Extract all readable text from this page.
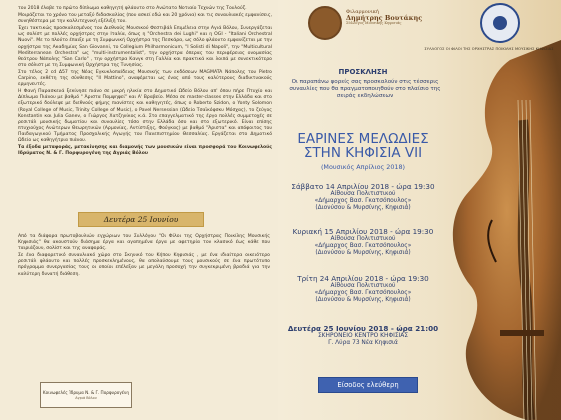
του 2018 έλαβε το πρώτο δίπλωμα καθηγητή φλάουτο στο Ανώτατο Νοτιαίο Τεχνών της Τουλούζ.

Μοιράζεται το χρόνο του μεταξύ διδασκαλίας (που ασκεί εδώ και 20 χρόνια) και τις συναυλιακές εμφανίσεις, συνηθέστερα με την καλλιτεχνική εξέλιξή του.

Έχει τακτικώς προσκαλεσμένος του Διεθνούς Μουσικού Φεστιβάλ Επιμέλεια στην Αγιά Βόλου, Συνεργάζεται ως σολίστ με πολλές ορχήστρες στην Ιταλία, όπως η "Orchestra dei Lughi" και η OGI - "Italiani Orchestral Nuovi". Με το πλούτο έπαιξε με τη Συμφωνική Ορχήστρα της Πεσκάρα, ως σόλο φλάουτο εμφανίζεται με την ορχήστρα της Ακαδημίας San Giovanni, το Collegium Philharmonicum, "I Solisti di Napoli", την "Multicultural Mediterranean Orchestra" ως "multi-instrumentalist", την ορχήστρα όπερας του περιφέρειας ονομασίας θεάτρου Νάπολης "San Carlo" , την ορχήστρα Κανγκ στη Γαλλία και πρακτικά και λοιπά με συνεκτικότερο στο σόλιστ με τη Συμφωνική Ορχήστρα της Τυνησίας.

Στο τέλος 2 cd Δ57 της Νέας Εγκυκλοπαίδειας Μουσικής των εκδόσεων MAGMATA Νάπολης του Pietro Carpino, εκθέτη της σύνθεσης "Il Mattino", αναφέρεται ως ένας από τους καλύτερους διαδικτυακούς ερμηνευτές.

Η Φανή Παρασκευά ξεκίνησε πιάνο σε μικρή ηλικία στο Δημοτικό Ωδείο Βόλου απ' όπου πήρε Πτυχίο και Δίπλωμα Πιάνου με βαθμό " Άριστα Παμψηφεί" και Α' Βραβείο. Μέσα σε master-classes στην Ελλάδα και στο εξωτερικό δούλεψε με διεθνούς φήμης πιανίστες και καθηγητές, όπως ο Roberto Szidon, ο Yonty Solomon (Royal College of Music, Trinity College of Music), ο Pavel Nersessian (Ωδείο Τσαϊκόφσκυ Μόσχας), το ζεύγος Konstantin και Julia Ganev, ο Γιώργος Χατζηνίκος κ.ά. Στο επαγγελματικό της έργο πολλές συμμετοχές σε ρεσιτάλ μουσικής δωματίου και συναυλίες τόσο στην Ελλάδα όσο και στο εξωτερικό. Είναι επίσης πτυχιούχος Ανώτερων Θεωρητικών (Αρμονίας, Αντίστιξης, Φούγκας) με βαθμό "Άριστα" και απόφοιτος του Παιδαγωγικού Τμήματος Προσχολικής Αγωγής του Πανεπιστημίου Θεσσαλίας. Εργάζεται στο Δημοτικό Ωδείο ως καθηγήτρια πιάνου.

Τα έξοδα μεταφοράς, μετακίνησης και διαμονής των μουσικών είναι προσφορά του Κοινωφελούς Ιδρύματος Ν. & Γ. Πορφυρογένη της Αγριάς Βόλου

Δευτέρα 25 Ιουνίου

Από τα διάφορα πρωτοβουλιών εγχώριων του Συλλόγου "Οι Φίλοι της Ορχήστρας Ποικίλης Μουσικής Κηφισιάς" θα ακουστούν διάσημα έργα και αγαπημένα έργα με αφετηρία τον κλασικό έως κάθε που ταιριάζουν, σολίστ και της αναφοράς.

Σε ένα διαφορετικό συναυλιακό χώρο στο Σκηνικό του Κήπου Κηφισιάς , με ένα ιδιαίτερα οικειότερο ρεσιτάλ φλάουτο και πολλές προσκεκλημένους, θα απολαύσουμε τους μουσικούς σε ένα πρωτότυπο πρόγραμμα συνεργασίας τους οι οποίοι επέλεξαν με μεγάλη προσοχή την συγκεκριμένη βραδιά για την καλύτερη δυνατή διάθεση.

Κοινωφελές Ίδρυμα Ν. & Γ. Πορφυρογένη
Αγριά Βόλου
Φιλαρμονική
Δημήτρης Βουτάκης
Σύλλογος Μουσικής Κηφισιάς
ΣΥΛΛΟΓΟΣ ΟΙ ΦΙΛΟΙ ΤΗΣ ΟΡΧΗΣΤΡΑΣ ΠΟΙΚΙΛΗΣ ΜΟΥΣΙΚΗΣ ΚΗΦΙΣΙΑΣ
ΠΡΟΣΚΛΗΣΗ
Οι παραπάνω φορείς σας προσκαλούν στις τέσσερις συναυλίες που θα πραγματοποιηθούν στο πλαίσιο της σειράς εκδηλώσεων
ΕΑΡΙΝΕΣ ΜΕΛΩΔΙΕΣ
ΣΤΗΝ ΚΗΦΙΣΙΑ VII
(Μουσικός Απρίλιος 2018)
Σάββατο 14 Απριλίου 2018 - ώρα 19:30
Αίθουσα Πολιτιστικού
«Δήμαρχος Βασ. Γκατσόπουλος»
(Διονύσου & Μυρσίνης, Κηφισιά)
Κυριακή 15 Απριλίου 2018 - ώρα 19:30
Αίθουσα Πολιτιστικού
«Δήμαρχος Βασ. Γκατσόπουλος»
(Διονύσου & Μυρσίνης, Κηφισιά)
Τρίτη 24 Απριλίου 2018 - ώρα 19:30
Αίθουσα Πολιτιστικού
«Δήμαρχος Βασ. Γκατσόπουλος»
(Διονύσου & Μυρσίνης, Κηφισιά)
Δευτέρα 25 Ιουνίου 2018 - ώρα 21:00
ΣΚΗΡΟΝΕΙΟ ΚΕΝΤΡΟ ΚΗΦΙΣΙΑΣ
Γ. Λύρα 73 Νέα Κηφισιά
Είσοδος ελεύθερη
